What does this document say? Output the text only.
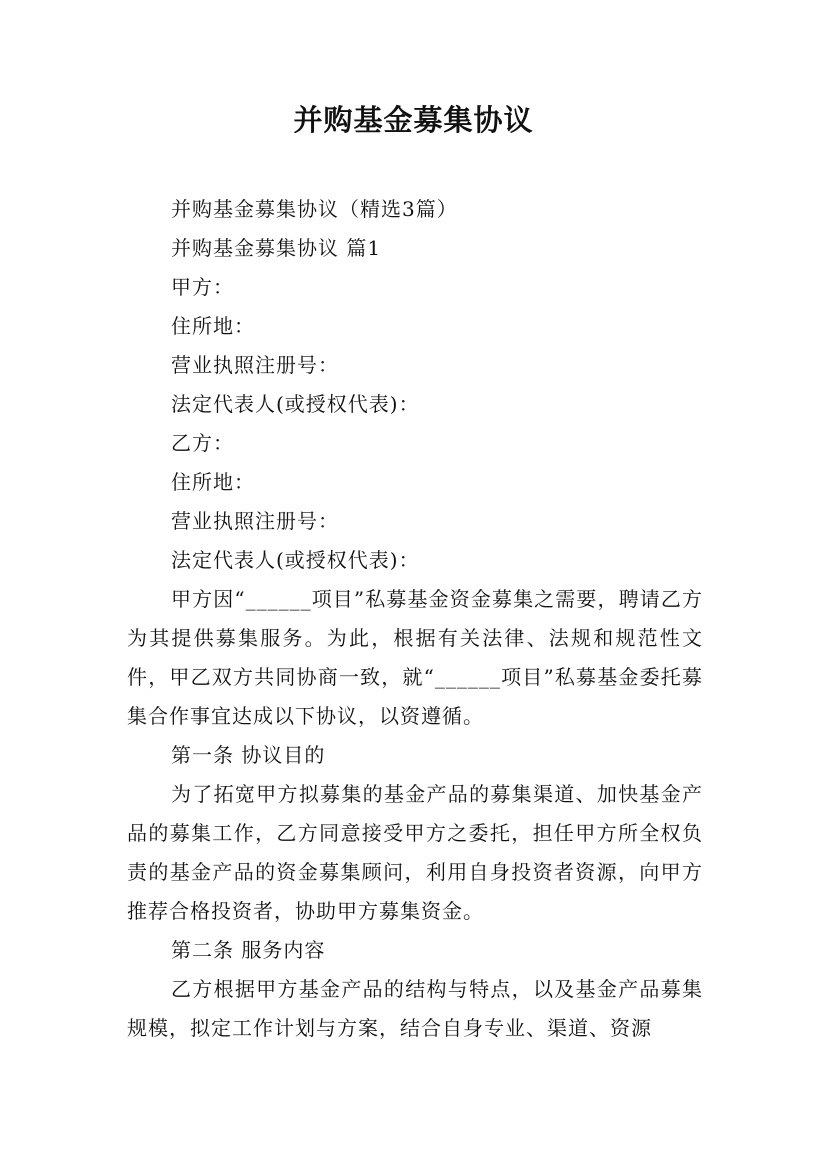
并购基金募集协议

并购基金募集协议（精选3篇）

并购基金募集协议 篇1

甲方：

住所地：

营业执照注册号：

法定代表人(或授权代表)：

乙方：

住所地：

营业执照注册号：

法定代表人(或授权代表)：

甲方因“______项目”私募基金资金募集之需要，聘请乙方为其提供募集服务。为此，根据有关法律、法规和规范性文件，甲乙双方共同协商一致，就“______项目”私募基金委托募集合作事宜达成以下协议，以资遵循。

第一条 协议目的

为了拓宽甲方拟募集的基金产品的募集渠道、加快基金产品的募集工作，乙方同意接受甲方之委托，担任甲方所全权负责的基金产品的资金募集顾问，利用自身投资者资源，向甲方推荐合格投资者，协助甲方募集资金。

第二条 服务内容

乙方根据甲方基金产品的结构与特点，以及基金产品募集规模，拟定工作计划与方案，结合自身专业、渠道、资源
